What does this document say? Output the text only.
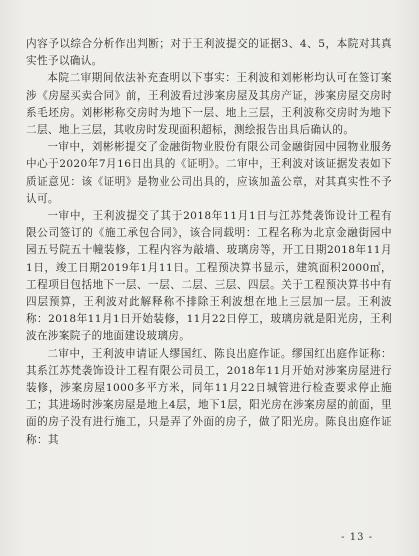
内容予以综合分析作出判断；对于王利波提交的证据3、4、5，本院对其真实性予以确认。

本院二审期间依法补充查明以下事实：王利波和刘彬彬均认可在签订案涉《房屋买卖合同》前，王利波看过涉案房屋及其房产证，涉案房屋交房时系毛坯房。刘彬彬称交房时为地下一层、地上三层，王利波称交房时为地下二层、地上三层，其收房时发现面积超标，测绘报告出具后确认的。

一审中，刘彬彬提交了金融街物业股份有限公司金融街园中园物业服务中心于2020年7月16日出具的《证明》。二审中，王利波对该证据发表如下质证意见：该《证明》是物业公司出具的，应该加盖公章，对其真实性不予认可。

一审中，王利波提交了其于2018年11月1日与江苏梵袭饰设计工程有限公司签订的《施工承包合同》，该合同载明：工程名称为北京金融街园中园五号院五十幢装修，工程内容为敲墙、玻璃房等，开工日期2018年11月1日，竣工日期2019年1月11日。工程预决算书显示，建筑面积2000㎡，工程项目包括地下一层、一层、二层、三层、四层。关于工程预决算书中有四层预算，王利波对此解释称不排除王利波想在地上三层加一层。王利波称：2018年11月1日开始装修，11月22日停工，玻璃房就是阳光房，王利波在涉案院子的地面建设玻璃房。

二审中，王利波申请证人缪国红、陈良出庭作证。缪国红出庭作证称：其系江苏梵袭饰设计工程有限公司员工，2018年11月开始对涉案房屋进行装修，涉案房屋1000多平方米，同年11月22日城管进行检查要求停止施工；其进场时涉案房屋是地上4层，地下1层，阳光房在涉案房屋的前面，里面的房子没有进行施工，只是弄了外面的房子，做了阳光房。陈良出庭作证称：其

- 13 -
